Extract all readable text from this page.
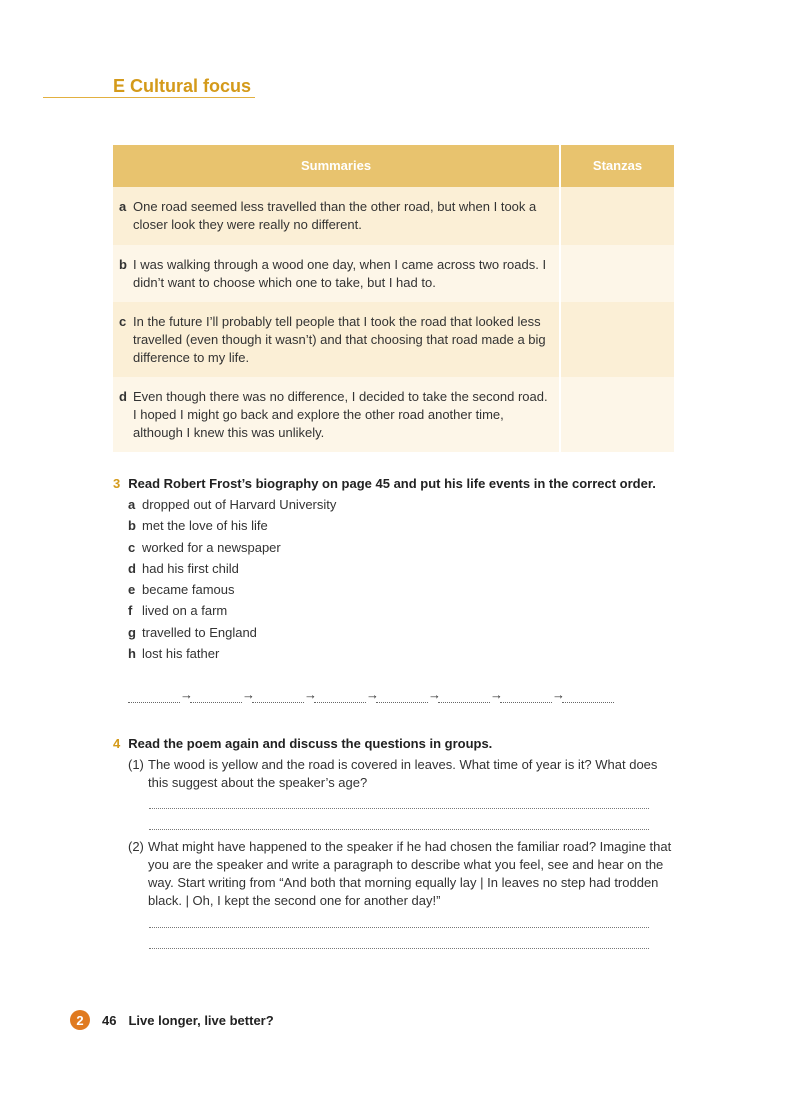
E Cultural focus
Summaries	Stanzas

a One road seemed less travelled than the other road, but when I took a closer look they were really no different.	

b I was walking through a wood one day, when I came across two roads. I didn’t want to choose which one to take, but I had to.	

c In the future I’ll probably tell people that I took the road that looked less travelled (even though it wasn’t) and that choosing that road made a big difference to my life.	

d Even though there was no difference, I decided to take the second road. I hoped I might go back and explore the other road another time, although I knew this was unlikely.	

3 Read Robert Frost’s biography on page 45 and put his life events in the correct order.
a dropped out of Harvard University
b met the love of his life
c worked for a newspaper
d had his first child
e became famous
f lived on a farm
g travelled to England
h lost his father
→	→	→	→	→	→	→
4 Read the poem again and discuss the questions in groups.
(1) The wood is yellow and the road is covered in leaves. What time of year is it? What does this suggest about the speaker’s age?
(2) What might have happened to the speaker if he had chosen the familiar road? Imagine that you are the speaker and write a paragraph to describe what you feel, see and hear on the way. Start writing from “And both that morning equally lay | In leaves no step had trodden black. | Oh, I kept the second one for another day!”
2	46 Live longer, live better?
